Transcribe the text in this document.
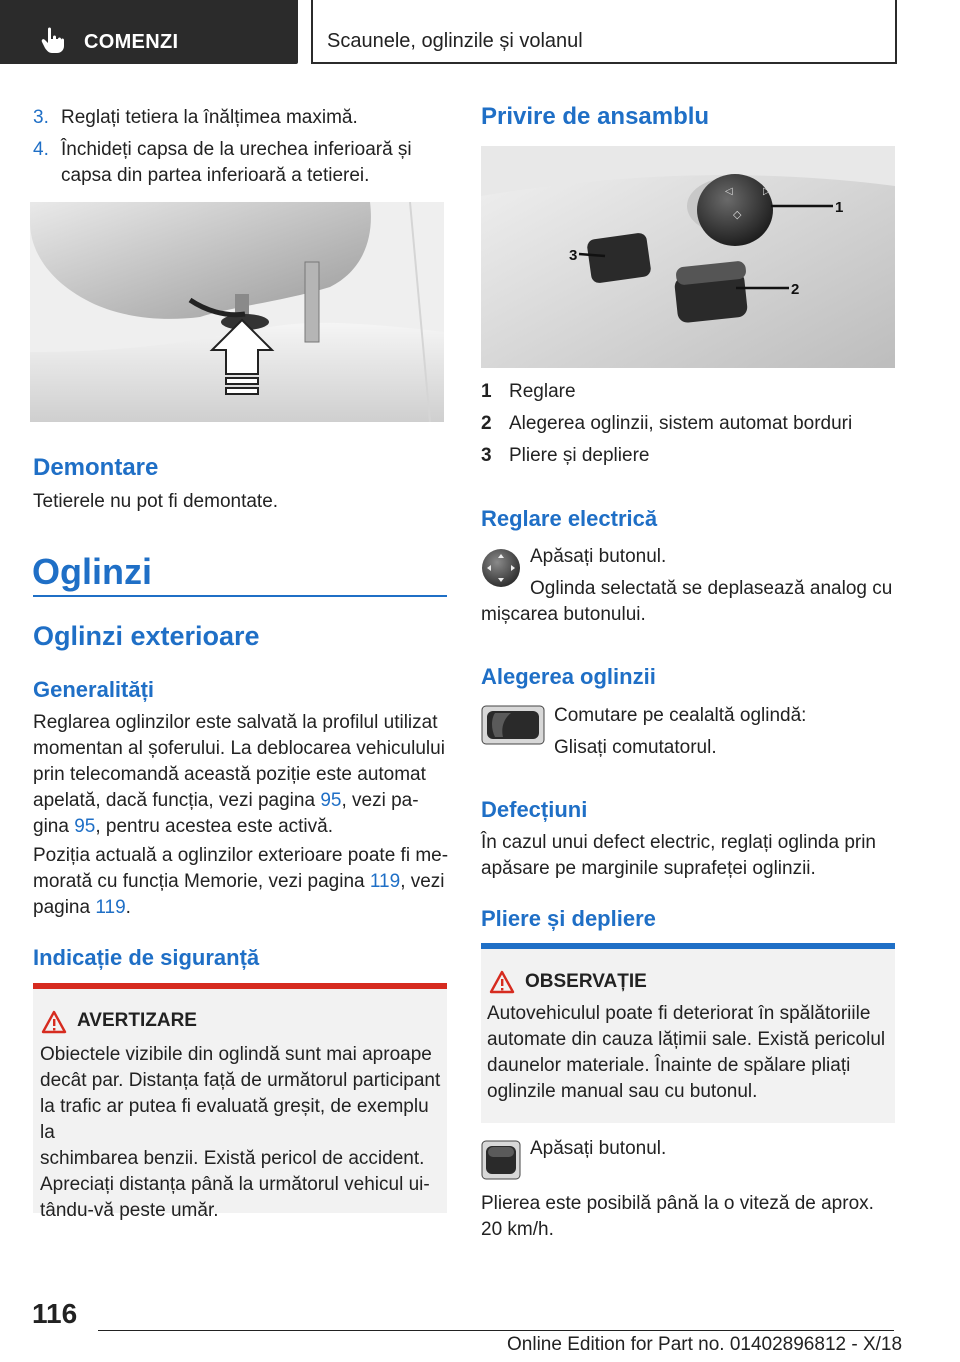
COMENZI	Scaunele, oglinzile și volanul
3. Reglați tetiera la înălțimea maximă.
4. Închideți capsa de la urechea inferioară și
capsa din partea inferioară a tetierei.
Demontare
Tetierele nu pot fi demontate.
Oglinzi
Oglinzi exterioare
Generalități
Reglarea oglinzilor este salvată la profilul utilizat
momentan al șoferului. La deblocarea vehiculului
prin telecomandă această poziție este automat
apelată, dacă funcția, vezi pagina 95, vezi pa-
gina 95, pentru acestea este activă.
Poziția actuală a oglinzilor exterioare poate fi me-
morată cu funcția Memorie, vezi pagina 119, vezi
pagina 119.
Indicație de siguranță
AVERTIZARE
Obiectele vizibile din oglindă sunt mai aproape
decât par. Distanța față de următorul participant
la trafic ar putea fi evaluată greșit, de exemplu la
schimbarea benzii. Există pericol de accident.
Apreciați distanța până la următorul vehicul ui-
tându-vă peste umăr.
Privire de ansamblu
◁	▷
◇	1
2
3
1 Reglare
2 Alegerea oglinzii, sistem automat borduri
3 Pliere și depliere
Reglare electrică
Apăsați butonul.
Oglinda selectată se deplasează analog cu
mișcarea butonului.
Alegerea oglinzii
Comutare pe cealaltă oglindă:
Glisați comutatorul.
Defecțiuni
În cazul unui defect electric, reglați oglinda prin
apăsare pe marginile suprafeței oglinzii.
Pliere și depliere
OBSERVAȚIE
Autovehiculul poate fi deteriorat în spălătoriile
automate din cauza lățimii sale. Există pericolul
daunelor materiale. Înainte de spălare pliați
oglinzile manual sau cu butonul.
Apăsați butonul.
Plierea este posibilă până la o viteză de aprox.
20 km/h.
116
Online Edition for Part no. 01402896812 - X/18
